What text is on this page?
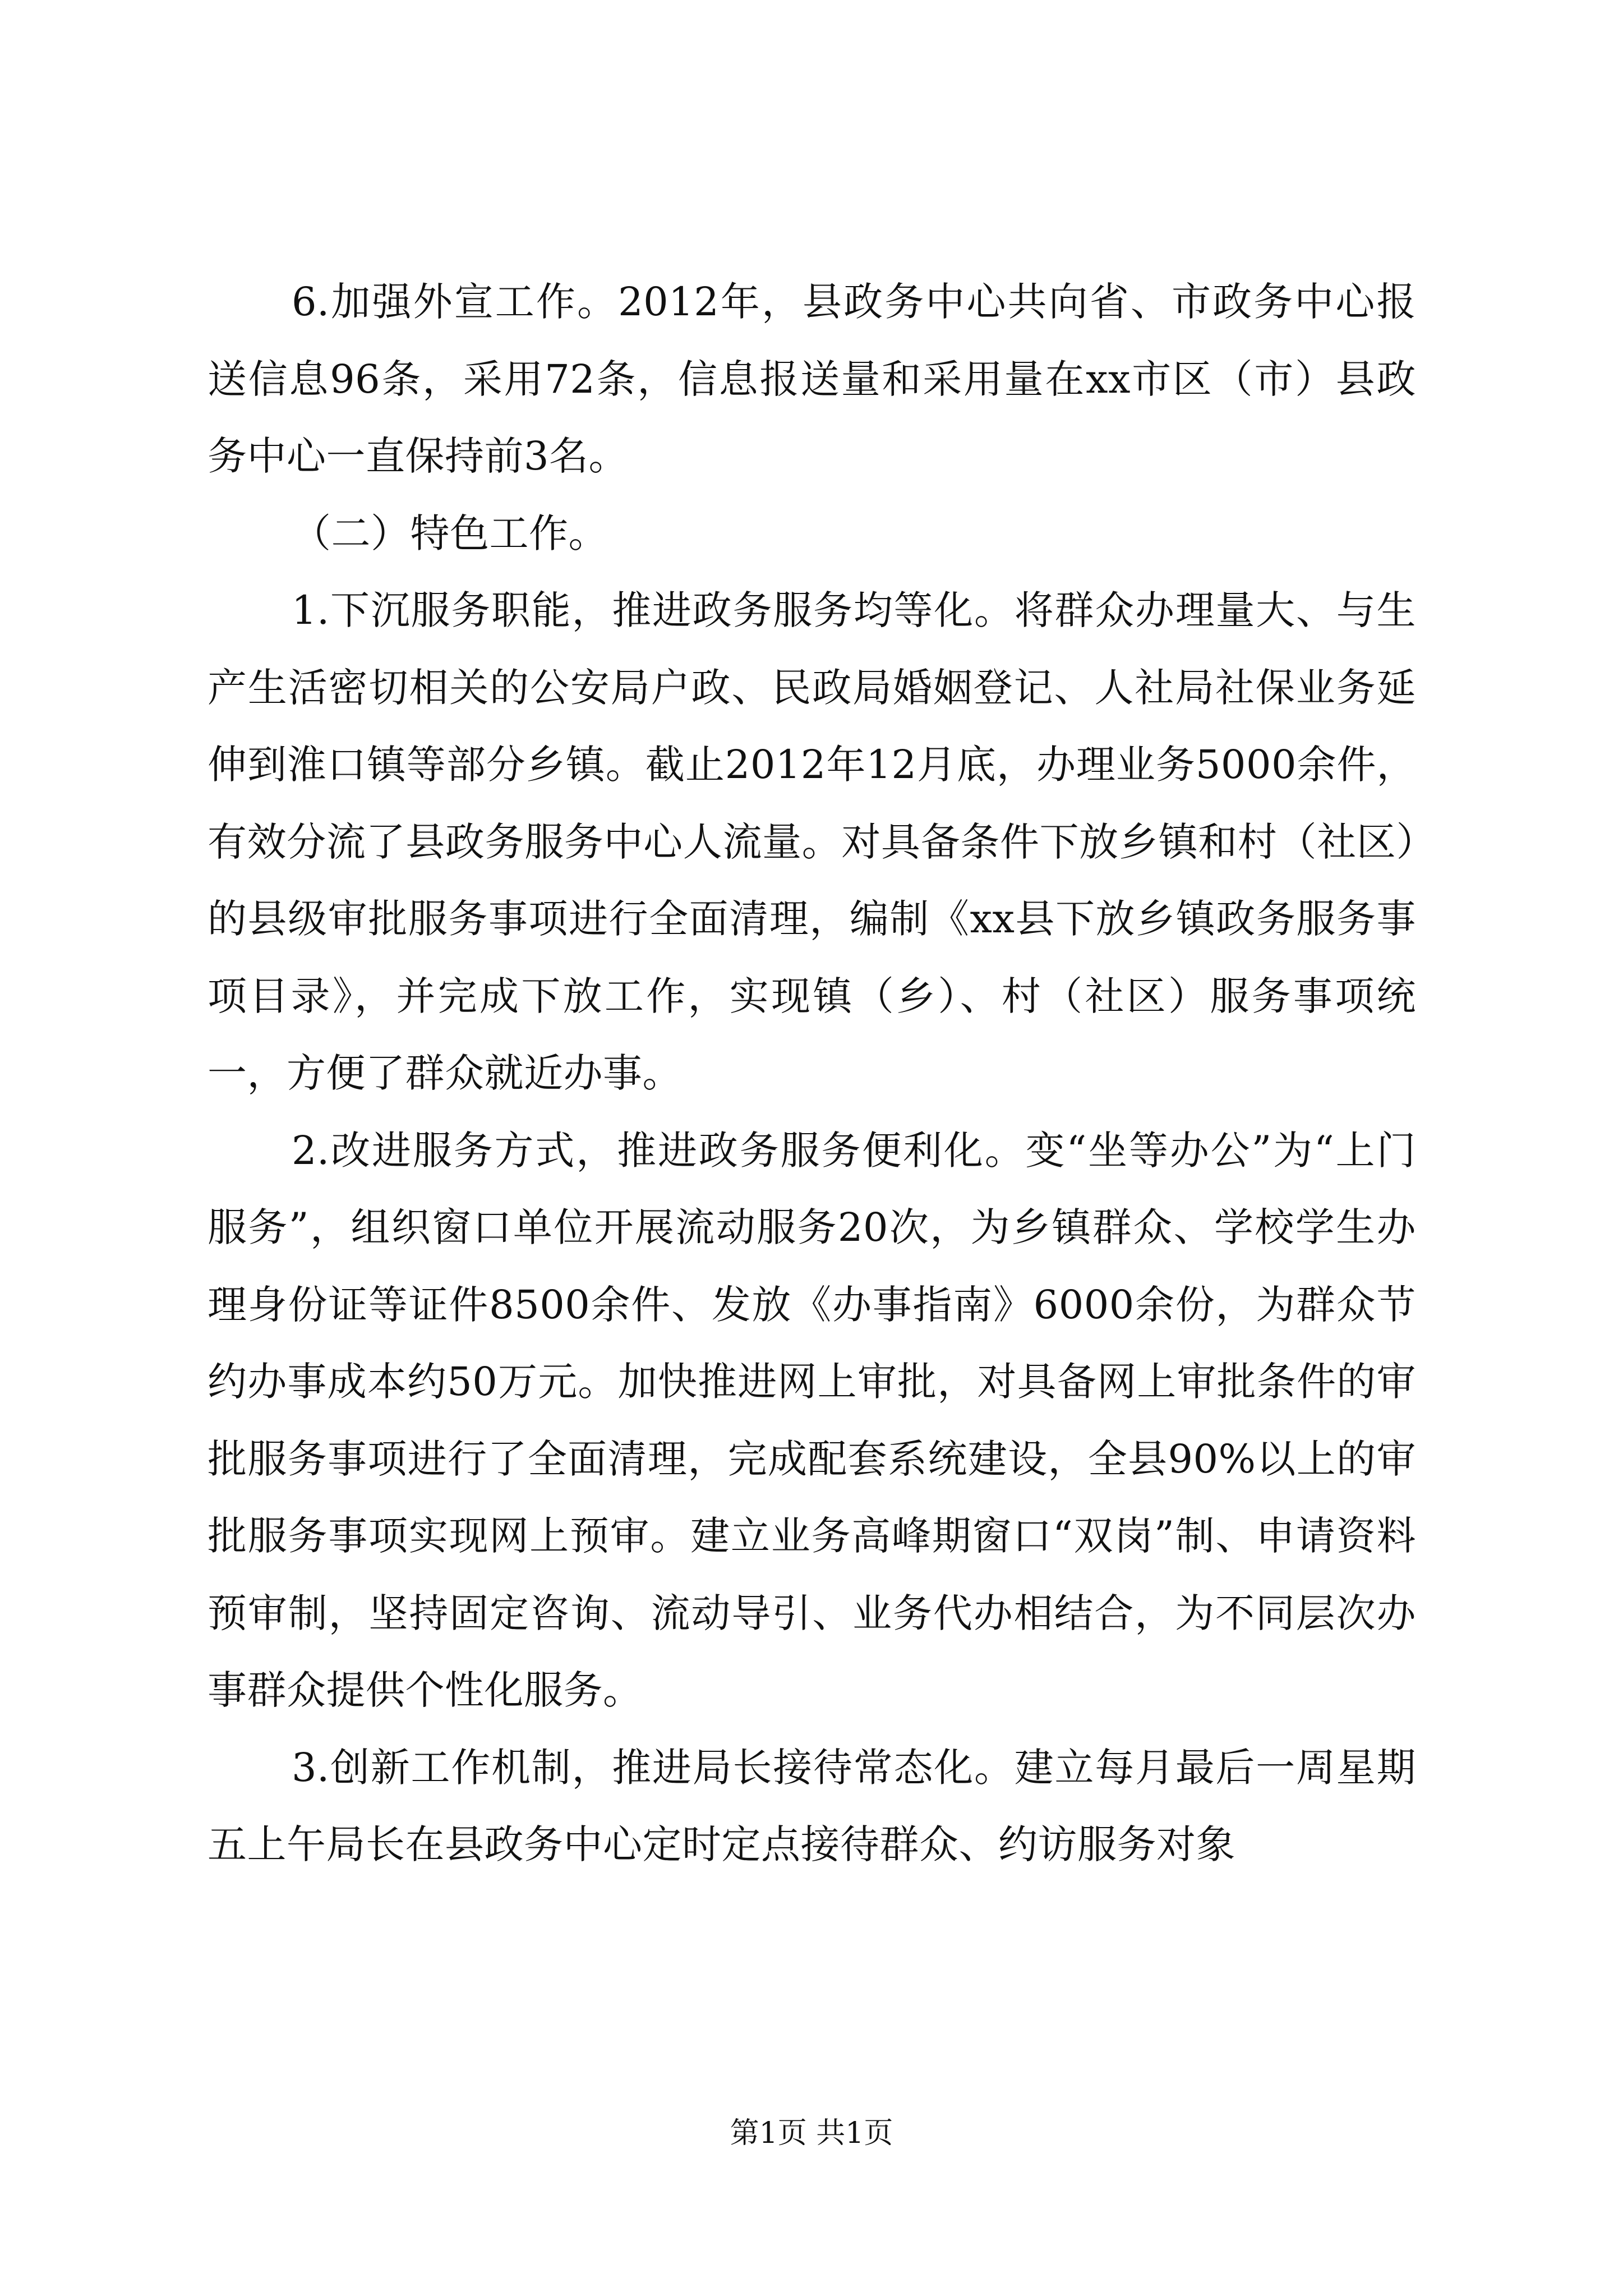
6.加强外宣工作。2012年，县政务中心共向省、市政务中心报送信息96条，采用72条，信息报送量和采用量在xx市区（市）县政务中心一直保持前3名。

（二）特色工作。

1.下沉服务职能，推进政务服务均等化。将群众办理量大、与生产生活密切相关的公安局户政、民政局婚姻登记、人社局社保业务延伸到淮口镇等部分乡镇。截止2012年12月底，办理业务5000余件，有效分流了县政务服务中心人流量。对具备条件下放乡镇和村（社区）的县级审批服务事项进行全面清理，编制《xx县下放乡镇政务服务事项目录》，并完成下放工作，实现镇（乡）、村（社区）服务事项统一，方便了群众就近办事。

2.改进服务方式，推进政务服务便利化。变“坐等办公”为“上门服务”，组织窗口单位开展流动服务20次，为乡镇群众、学校学生办理身份证等证件8500余件、发放《办事指南》6000余份，为群众节约办事成本约50万元。加快推进网上审批，对具备网上审批条件的审批服务事项进行了全面清理，完成配套系统建设，全县90%以上的审批服务事项实现网上预审。建立业务高峰期窗口“双岗”制、申请资料预审制，坚持固定咨询、流动导引、业务代办相结合，为不同层次办事群众提供个性化服务。

3.创新工作机制，推进局长接待常态化。建立每月最后一周星期五上午局长在县政务中心定时定点接待群众、约访服务对象

第1页 共1页
